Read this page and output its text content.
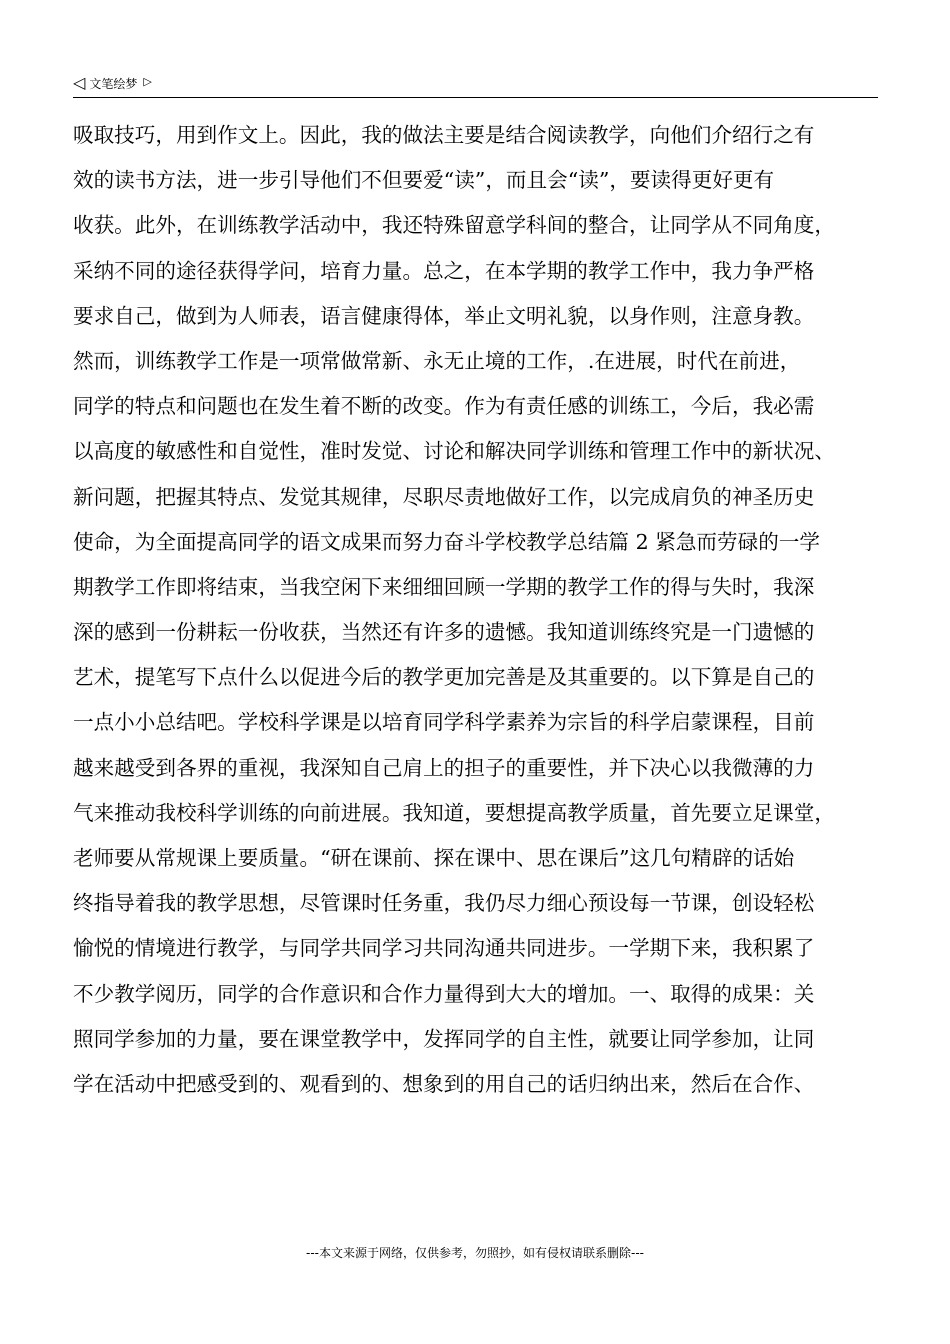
◁ 文笔绘梦 ▷
吸取技巧，用到作文上。因此，我的做法主要是结合阅读教学，向他们介绍行之有
效的读书方法，进一步引导他们不但要爱“读”，而且会“读”，要读得更好更有
收获。此外，在训练教学活动中，我还特殊留意学科间的整合，让同学从不同角度，
采纳不同的途径获得学问，培育力量。总之，在本学期的教学工作中，我力争严格
要求自己，做到为人师表，语言健康得体，举止文明礼貌，以身作则，注意身教。
然而，训练教学工作是一项常做常新、永无止境的工作，.在进展，时代在前进，
同学的特点和问题也在发生着不断的改变。作为有责任感的训练工，今后，我必需
以高度的敏感性和自觉性，准时发觉、讨论和解决同学训练和管理工作中的新状况、
新问题，把握其特点、发觉其规律，尽职尽责地做好工作，以完成肩负的神圣历史
使命，为全面提高同学的语文成果而努力奋斗学校教学总结篇 2 紧急而劳碌的一学
期教学工作即将结束，当我空闲下来细细回顾一学期的教学工作的得与失时，我深
深的感到一份耕耘一份收获，当然还有许多的遗憾。我知道训练终究是一门遗憾的
艺术，提笔写下点什么以促进今后的教学更加完善是及其重要的。以下算是自己的
一点小小总结吧。学校科学课是以培育同学科学素养为宗旨的科学启蒙课程，目前
越来越受到各界的重视，我深知自己肩上的担子的重要性，并下决心以我微薄的力
气来推动我校科学训练的向前进展。我知道，要想提高教学质量，首先要立足课堂，
老师要从常规课上要质量。“研在课前、探在课中、思在课后”这几句精辟的话始
终指导着我的教学思想，尽管课时任务重，我仍尽力细心预设每一节课，创设轻松
愉悦的情境进行教学，与同学共同学习共同沟通共同进步。一学期下来，我积累了
不少教学阅历，同学的合作意识和合作力量得到大大的增加。一、取得的成果：关
照同学参加的力量，要在课堂教学中，发挥同学的自主性，就要让同学参加，让同
学在活动中把感受到的、观看到的、想象到的用自己的话归纳出来，然后在合作、
---本文来源于网络，仅供参考，勿照抄，如有侵权请联系删除---
